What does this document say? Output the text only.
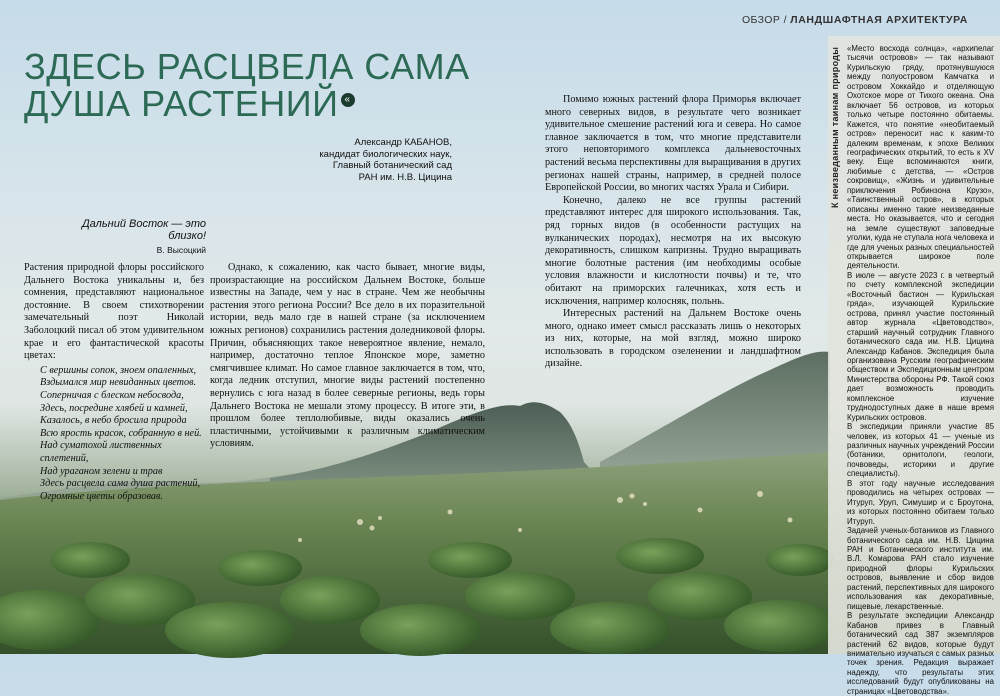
ОБЗОР / ЛАНДШАФТНАЯ АРХИТЕКТУРА
ЗДЕСЬ РАСЦВЕЛА САМА
ДУША РАСТЕНИЙ «
Александр КАБАНОВ,
кандидат биологических наук,
Главный ботанический сад
РАН им. Н.В. Цицина
Дальний Восток — это близко!
В. Высоцкий

Растения природной флоры российского Дальнего Востока уникальны и, без сомнения, представляют национальное достояние. В своем стихотворении замечательный поэт Николай Заболоцкий писал об этом удивительном крае и его фантастической красоты цветах:

С вершины сопок, зноем опаленных,
Вздымался мир невиданных цветов.
Соперничая с блеском небосвода,
Здесь, посредине хлябей и камней,
Казалось, в небо бросила природа
Всю ярость красок, собранную в ней.
Над суматохой лиственных сплетений,
Над ураганом зелени и трав
Здесь расцвела сама душа растений,
Огромные цветы образовав.

Однако, к сожалению, как часто бывает, многие виды, произрастающие на российском Дальнем Востоке, больше известны на Западе, чем у нас в стране. Чем же необычны растения этого региона России? Все дело в их поразительной истории, ведь мало где в нашей стране (за исключением южных регионов) сохранились растения доледниковой флоры. Причин, объясняющих такое невероятное явление, немало, например, достаточно теплое Японское море, заметно смягчившее климат. Но самое главное заключается в том, что, когда ледник отступил, многие виды растений постепенно вернулись с юга назад в более северные регионы, ведь горы Дальнего Востока не мешали этому процессу. В итоге эти, в прошлом более теплолюбивые, виды оказались очень пластичными, устойчивыми к различным климатическим условиям.

Помимо южных растений флора Приморья включает много северных видов, в результате чего возникает удивительное смешение растений юга и севера. Но самое главное заключается в том, что многие представители этого неповторимого комплекса дальневосточных растений весьма перспективны для выращивания в других регионах нашей страны, например, в средней полосе Европейской России, во многих частях Урала и Сибири.

Конечно, далеко не все группы растений представляют интерес для широкого использования. Так, ряд горных видов (в особенности растущих на вулканических породах), несмотря на их высокую декоративность, слишком капризны. Трудно выращивать многие болотные растения (им необходимы особые условия влажности и кислотности почвы) и те, что обитают на приморских галечниках, хотя есть и исключения, например колосняк, польнь.

Интересных растений на Дальнем Востоке очень много, однако имеет смысл рассказать лишь о некоторых из них, которые, на мой взгляд, можно широко использовать в городском озеленении и ландшафтном дизайне.

К неизведанным таинам природы «Место восхода солнца», «архипелаг тысячи островов» — так называют Курильскую гряду, протянувшуюся между полуостровом Камчатка и островом Хоккайдо и отделяющую Охотское море от Тихого океана. Она включает 56 островов, из которых только четыре постоянно обитаемы. Кажется, что понятие «необитаемый остров» переносит нас к каким-то далеким временам, к эпохе Великих географических открытий, то есть к XV веку. Еще вспоминаются книги, любимые с детства, — «Остров сокровищ», «Жизнь и удивительные приключения Робинзона Крузо», «Таинственный остров», в которых описаны именно такие неизведанные места. Но оказывается, что и сегодня на земле существуют заповедные уголки, куда не ступала нога человека и где для ученых разных специальностей открывается широкое поле деятельности.

В июле — августе 2023 г. в четвертый по счету комплексной экспедиции «Восточный бастион — Курильская гряда», изучающей Курильские острова, принял участие постоянный автор журнала «Цветоводство», старший научный сотрудник Главного ботанического сада им. Н.В. Цицина Александр Кабанов. Экспедиция была организована Русским географическим обществом и Экспедиционным центром Министерства обороны РФ. Такой союз дает возможность проводить комплексное изучение труднодоступных даже в наше время Курильских островов.

В экспедиции приняли участие 85 человек, из которых 41 — ученые из различных научных учреждений России (ботаники, орнитологи, геологи, почвоведы, историки и другие специалисты).

В этот году научные исследования проводились на четырех островах — Итуруп, Уруп, Симушир и с Броутона, из которых постоянно обитаем только Итуруп.

Задачей ученых-ботаников из Главного ботанического сада им. Н.В. Цицина РАН и Ботанического института им. В.Л. Комарова РАН стало изучение природной флоры Курильских островов, выявление и сбор видов растений, перспективных для широкого использования как декоративные, пищевые, лекарственные.

В результате экспедиции Александр Кабанов привез в Главный ботанический сад 387 экземпляров растений 62 видов, которые будут внимательно изучаться с самых разных точек зрения. Редакция выражает надежду, что результаты этих исследований будут опубликованы на страницах «Цветоводства».
